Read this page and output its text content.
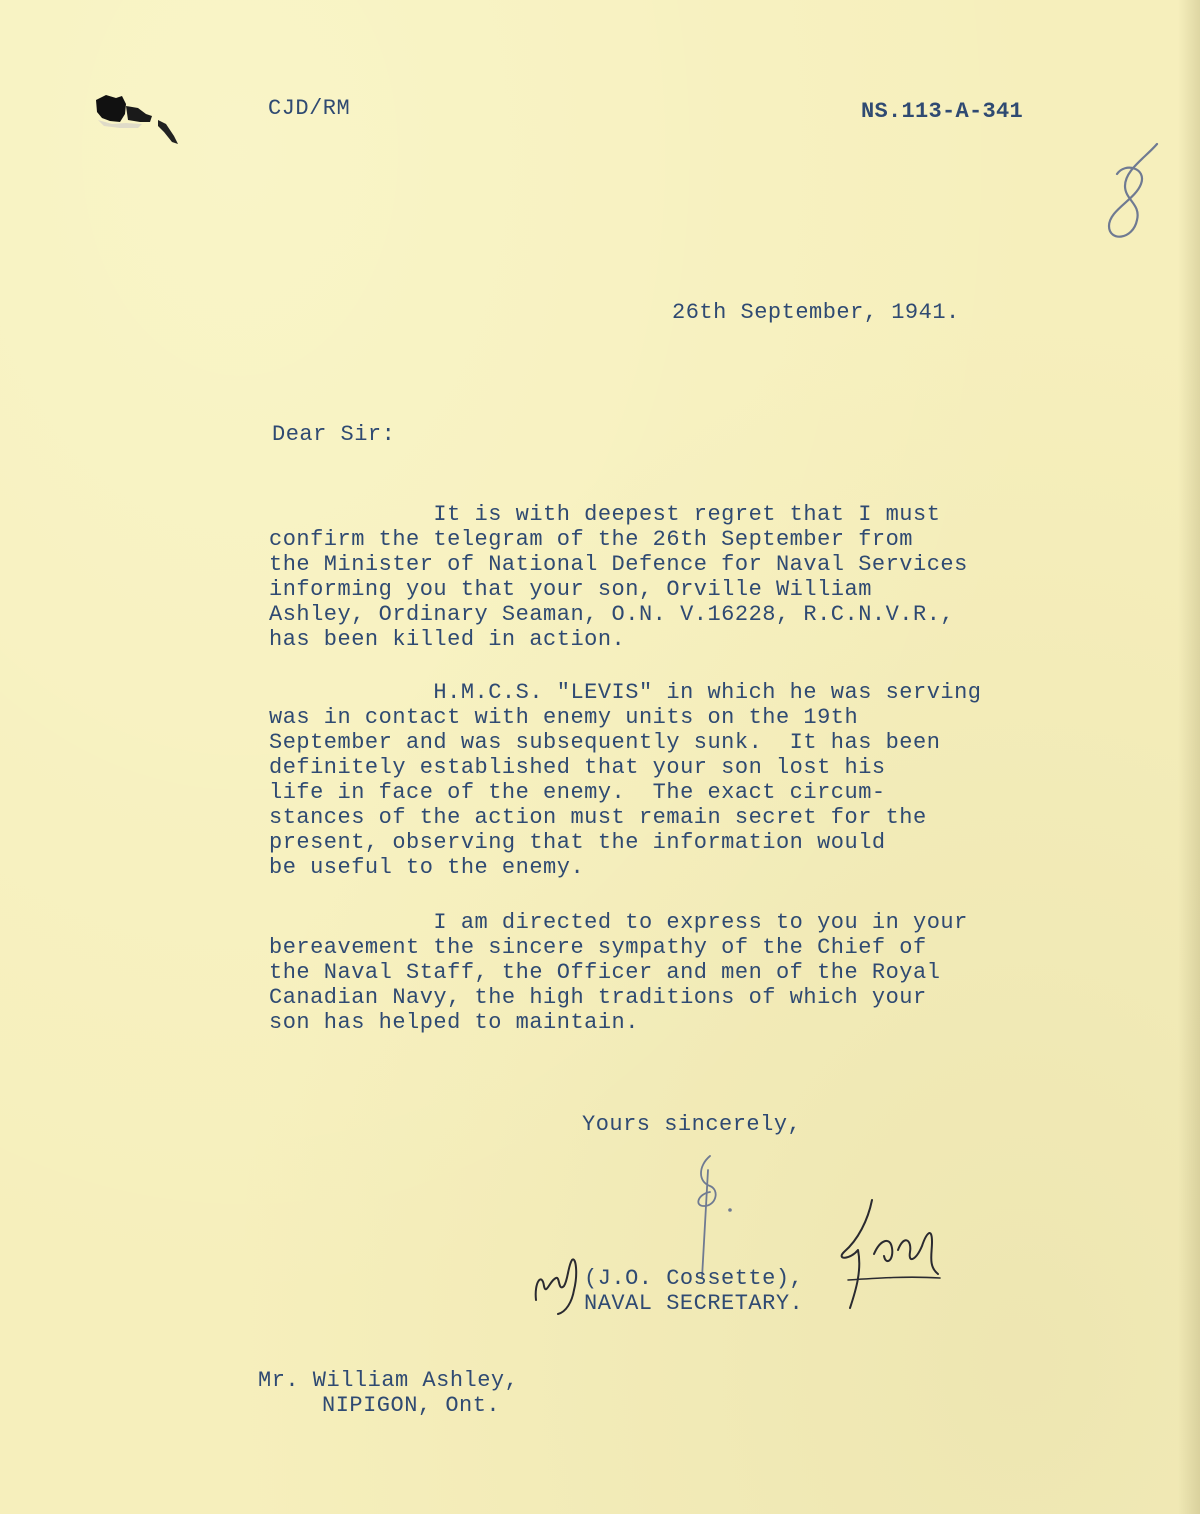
CJD/RM	NS.113-A-341

26th September, 1941.

Dear Sir:

It is with deepest regret that I must
confirm the telegram of the 26th September from
the Minister of National Defence for Naval Services
informing you that your son, Orville William
Ashley, Ordinary Seaman, O.N. V.16228, R.C.N.V.R.,
has been killed in action.

H.M.C.S. "LEVIS" in which he was serving
was in contact with enemy units on the 19th
September and was subsequently sunk.  It has been
definitely established that your son lost his
life in face of the enemy.  The exact circum-
stances of the action must remain secret for the
present, observing that the information would
be useful to the enemy.

I am directed to express to you in your
bereavement the sincere sympathy of the Chief of
the Naval Staff, the Officer and men of the Royal
Canadian Navy, the high traditions of which your
son has helped to maintain.

Yours sincerely,

(J.O. Cossette),

NAVAL SECRETARY.

Mr. William Ashley,

NIPIGON, Ont.
